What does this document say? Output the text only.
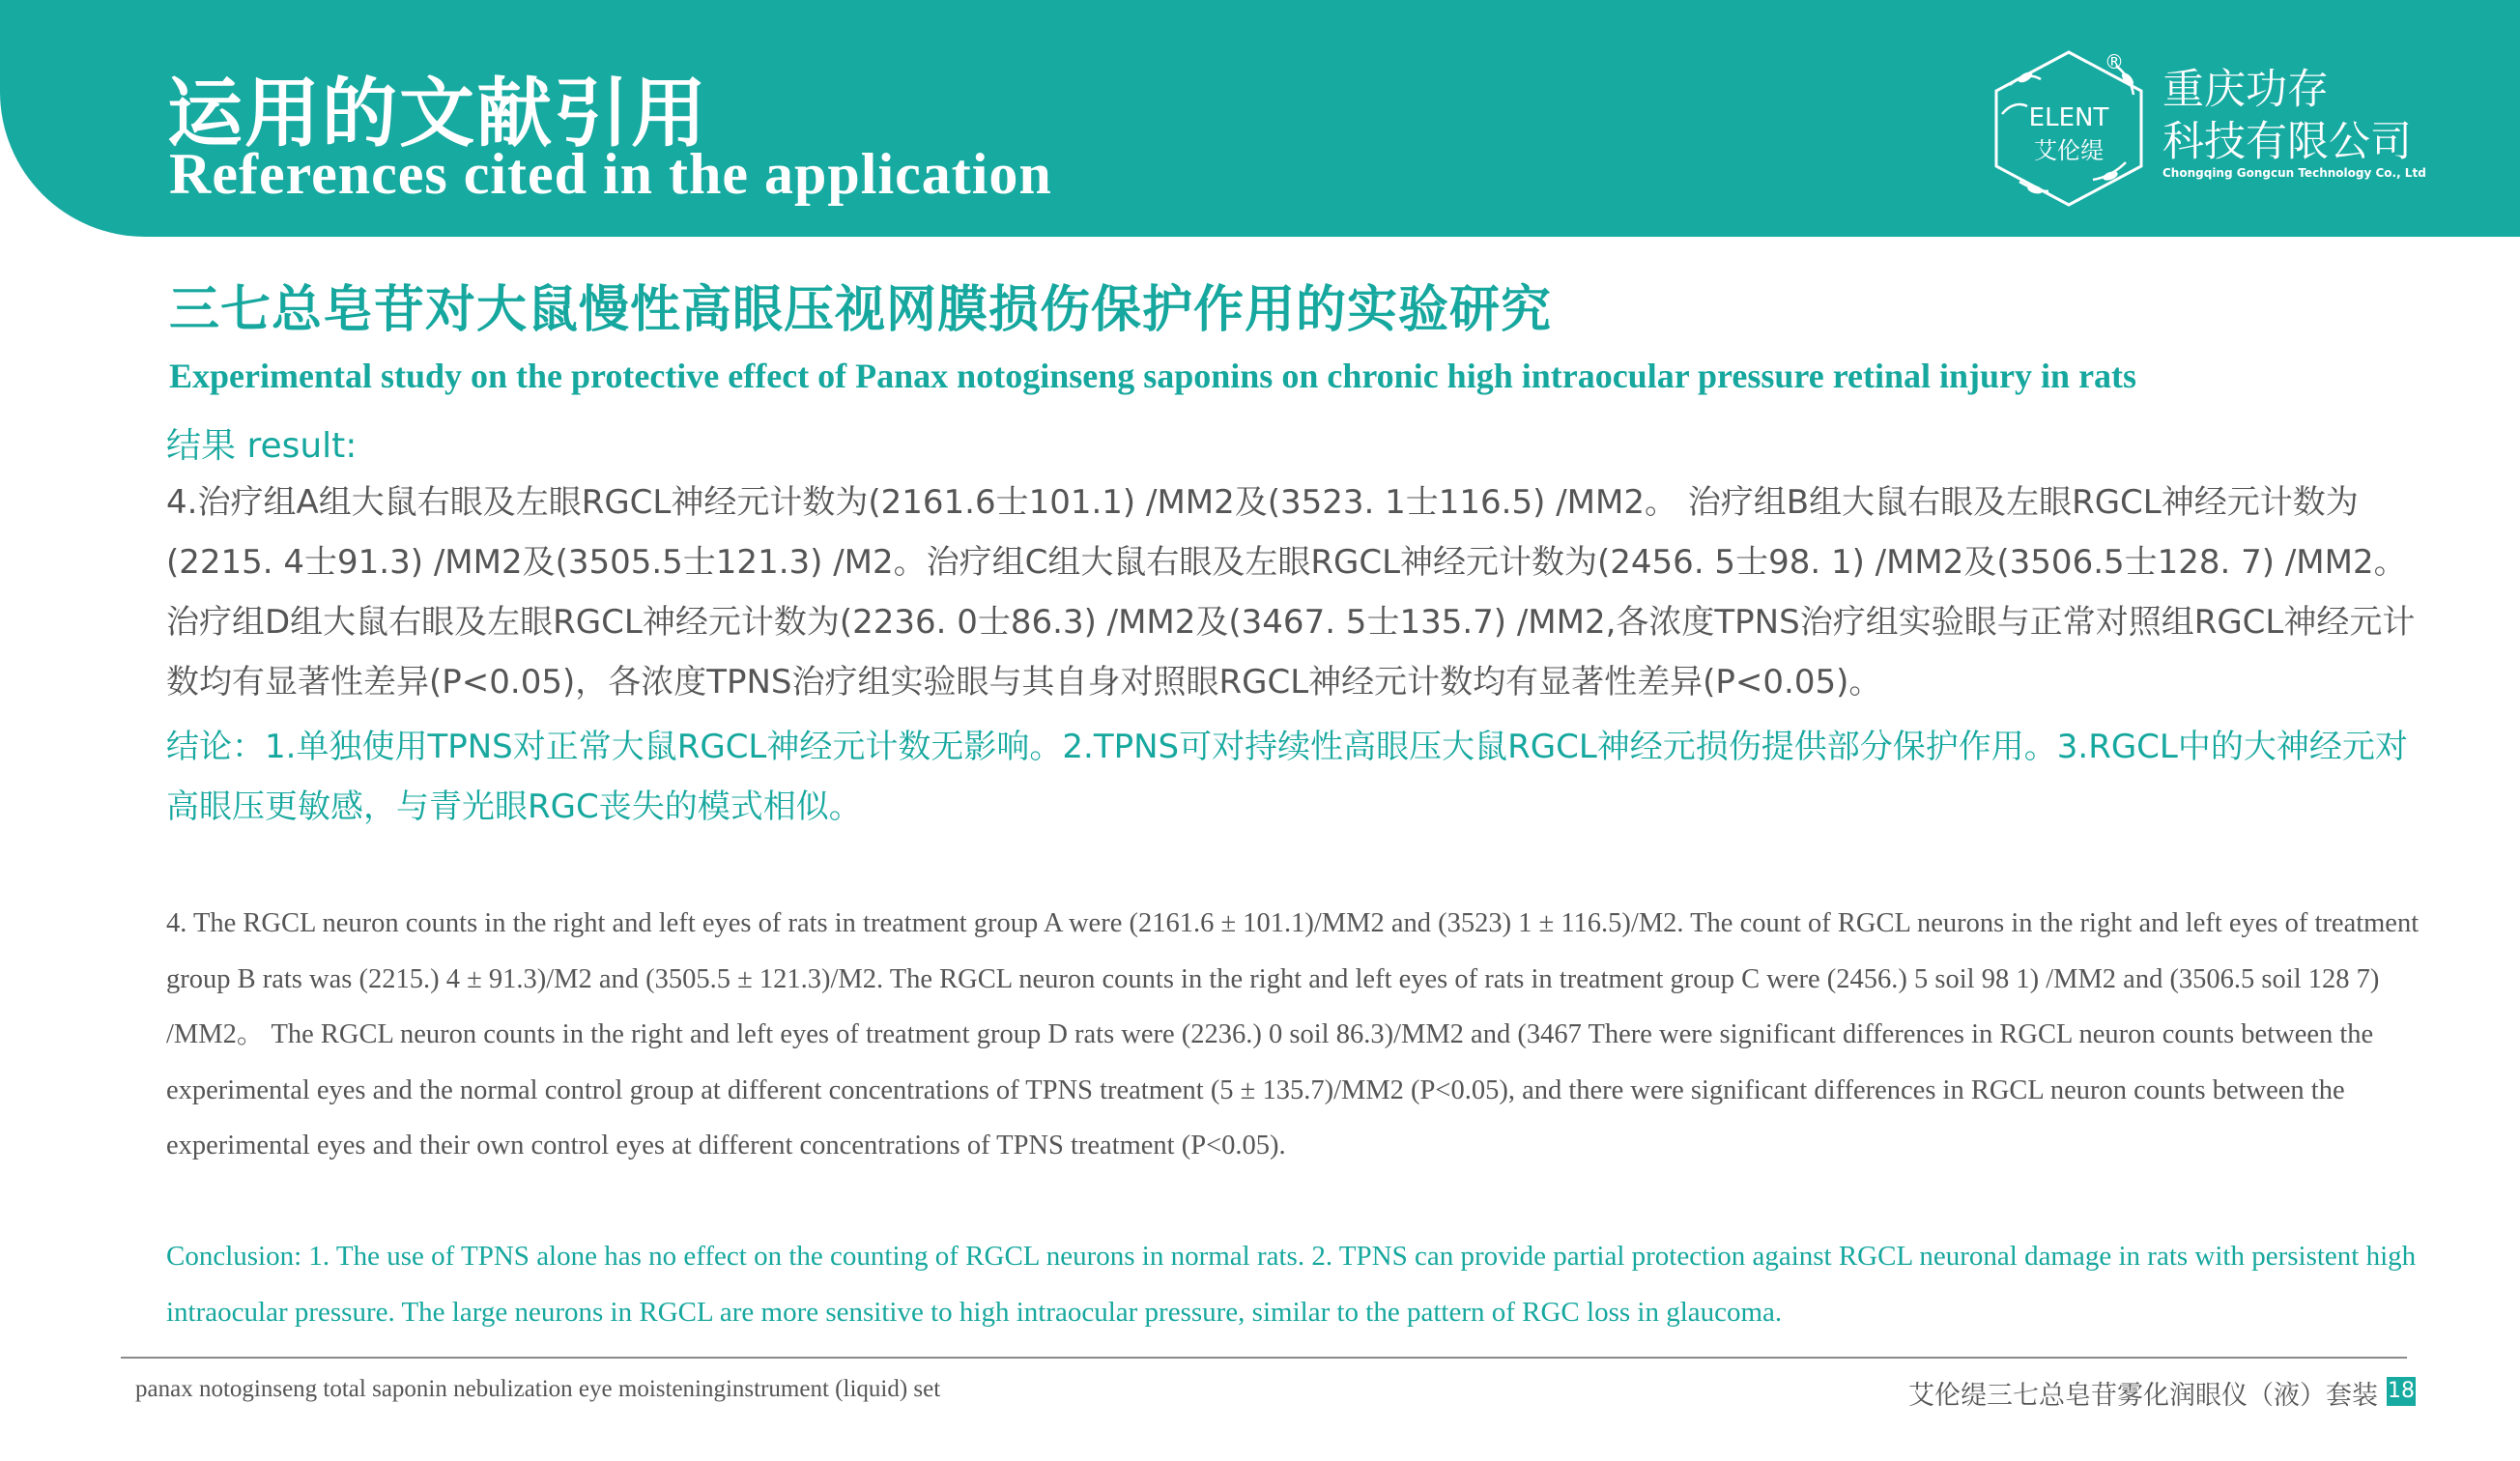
运用的文献引用
References cited in the application
ELENT
艾伦缇
®
重庆功存
科技有限公司
Chongqing Gongcun Technology Co., Ltd
三七总皂苷对大鼠慢性高眼压视网膜损伤保护作用的实验研究
Experimental study on the protective effect of Panax notoginseng saponins on chronic high intraocular pressure retinal injury in rats
结果 result:

4.治疗组A组大鼠右眼及左眼RGCL神经元计数为(2161.6士101.1) /MM2及(3523. 1士116.5) /MM2。 治疗组B组大鼠右眼及左眼RGCL神经元计数为(2215. 4士91.3) /MM2及(3505.5士121.3) /M2。治疗组C组大鼠右眼及左眼RGCL神经元计数为(2456. 5士98. 1) /MM2及(3506.5士128. 7) /MM2。治疗组D组大鼠右眼及左眼RGCL神经元计数为(2236. 0士86.3) /MM2及(3467. 5士135.7) /MM2,各浓度TPNS治疗组实验眼与正常对照组RGCL神经元计数均有显著性差异(P<0.05)，各浓度TPNS治疗组实验眼与其自身对照眼RGCL神经元计数均有显著性差异(P<0.05)。

结论：1.单独使用TPNS对正常大鼠RGCL神经元计数无影响。2.TPNS可对持续性高眼压大鼠RGCL神经元损伤提供部分保护作用。3.RGCL中的大神经元对高眼压更敏感，与青光眼RGC丧失的模式相似。

4. The RGCL neuron counts in the right and left eyes of rats in treatment group A were (2161.6 ± 101.1)/MM2 and (3523) 1 ± 116.5)/M2. The count of RGCL neurons in the right and left eyes of treatment group B rats was (2215.) 4 ± 91.3)/M2 and (3505.5 ± 121.3)/M2. The RGCL neuron counts in the right and left eyes of rats in treatment group C were (2456.) 5 soil 98 1) /MM2 and (3506.5 soil 128 7) /MM2。 The RGCL neuron counts in the right and left eyes of treatment group D rats were (2236.) 0 soil 86.3)/MM2 and (3467 There were significant differences in RGCL neuron counts between the experimental eyes and the normal control group at different concentrations of TPNS treatment (5 ± 135.7)/MM2 (P<0.05), and there were significant differences in RGCL neuron counts between the experimental eyes and their own control eyes at different concentrations of TPNS treatment (P<0.05).

Conclusion: 1. The use of TPNS alone has no effect on the counting of RGCL neurons in normal rats. 2. TPNS can provide partial protection against RGCL neuronal damage in rats with persistent high intraocular pressure. The large neurons in RGCL are more sensitive to high intraocular pressure, similar to the pattern of RGC loss in glaucoma.

panax notoginseng total saponin nebulization eye moisteninginstrument (liquid) set	艾伦缇三七总皂苷雾化润眼仪（液）套装 18
